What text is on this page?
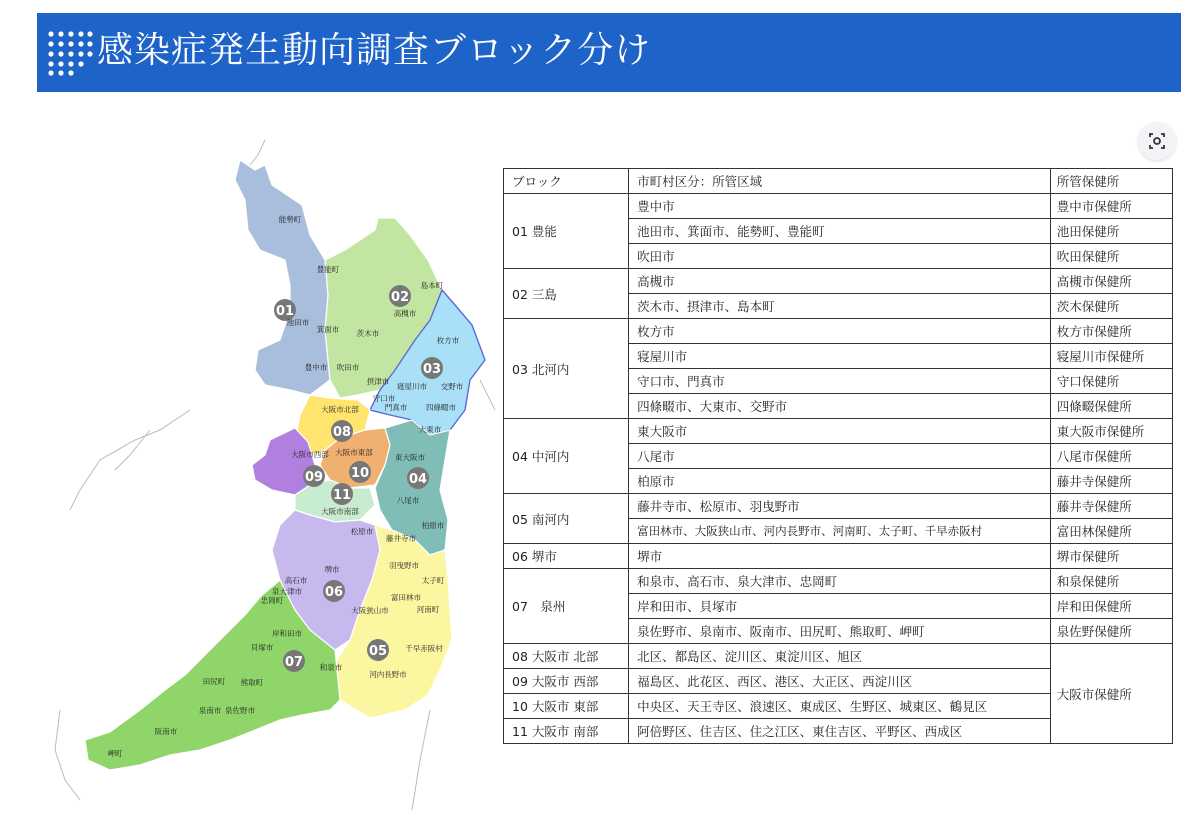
感染症発生動向調査ブロック分け
01
02
03
08
09 10
11
04
06
05
07
能勢町
豊能町
池田市
箕面市
豊中市 吹田市
茨木市
高槻市
島本町
摂津市
枚方市
寝屋川市 交野市
守口市
門真市	四條畷市
大東市
大阪市北部
大阪市西部 大阪市東部
大阪市南部
東大阪市
八尾市
柏原市
松原市
藤井寺市
羽曳野市
堺市
太子町
富田林市
大阪狭山市	河南町
千早赤阪村
河内長野市
高石市
忠岡町
泉大津市
岸和田市
貝塚市
和泉市
田尻町 熊取町
泉佐野市
泉南市
阪南市
岬町
ブロック	市町村区分：所管区域	所管保健所
01 豊能	豊中市	豊中市保健所
	池田市、箕面市、能勢町、豊能町	池田保健所
	吹田市	吹田保健所
02 三島	高槻市	高槻市保健所
	茨木市、摂津市、島本町	茨木保健所
03 北河内	枚方市	枚方市保健所
	寝屋川市	寝屋川市保健所
	守口市、門真市	守口保健所
	四條畷市、大東市、交野市	四條畷保健所
04 中河内	東大阪市	東大阪市保健所
	八尾市	八尾市保健所
	柏原市	藤井寺保健所
05 南河内	藤井寺市、松原市、羽曳野市	藤井寺保健所
	富田林市、大阪狭山市、河内長野市、河南町、太子町、千早赤阪村	富田林保健所
06 堺市	堺市	堺市保健所
07　泉州	和泉市、高石市、泉大津市、忠岡町	和泉保健所
	岸和田市、貝塚市	岸和田保健所
	泉佐野市、泉南市、阪南市、田尻町、熊取町、岬町	泉佐野保健所
08 大阪市 北部	北区、都島区、淀川区、東淀川区、旭区	大阪市保健所
09 大阪市 西部	福島区、此花区、西区、港区、大正区、西淀川区	
10 大阪市 東部	中央区、天王寺区、浪速区、東成区、生野区、城東区、鶴見区	
11 大阪市 南部	阿倍野区、住吉区、住之江区、東住吉区、平野区、西成区	
